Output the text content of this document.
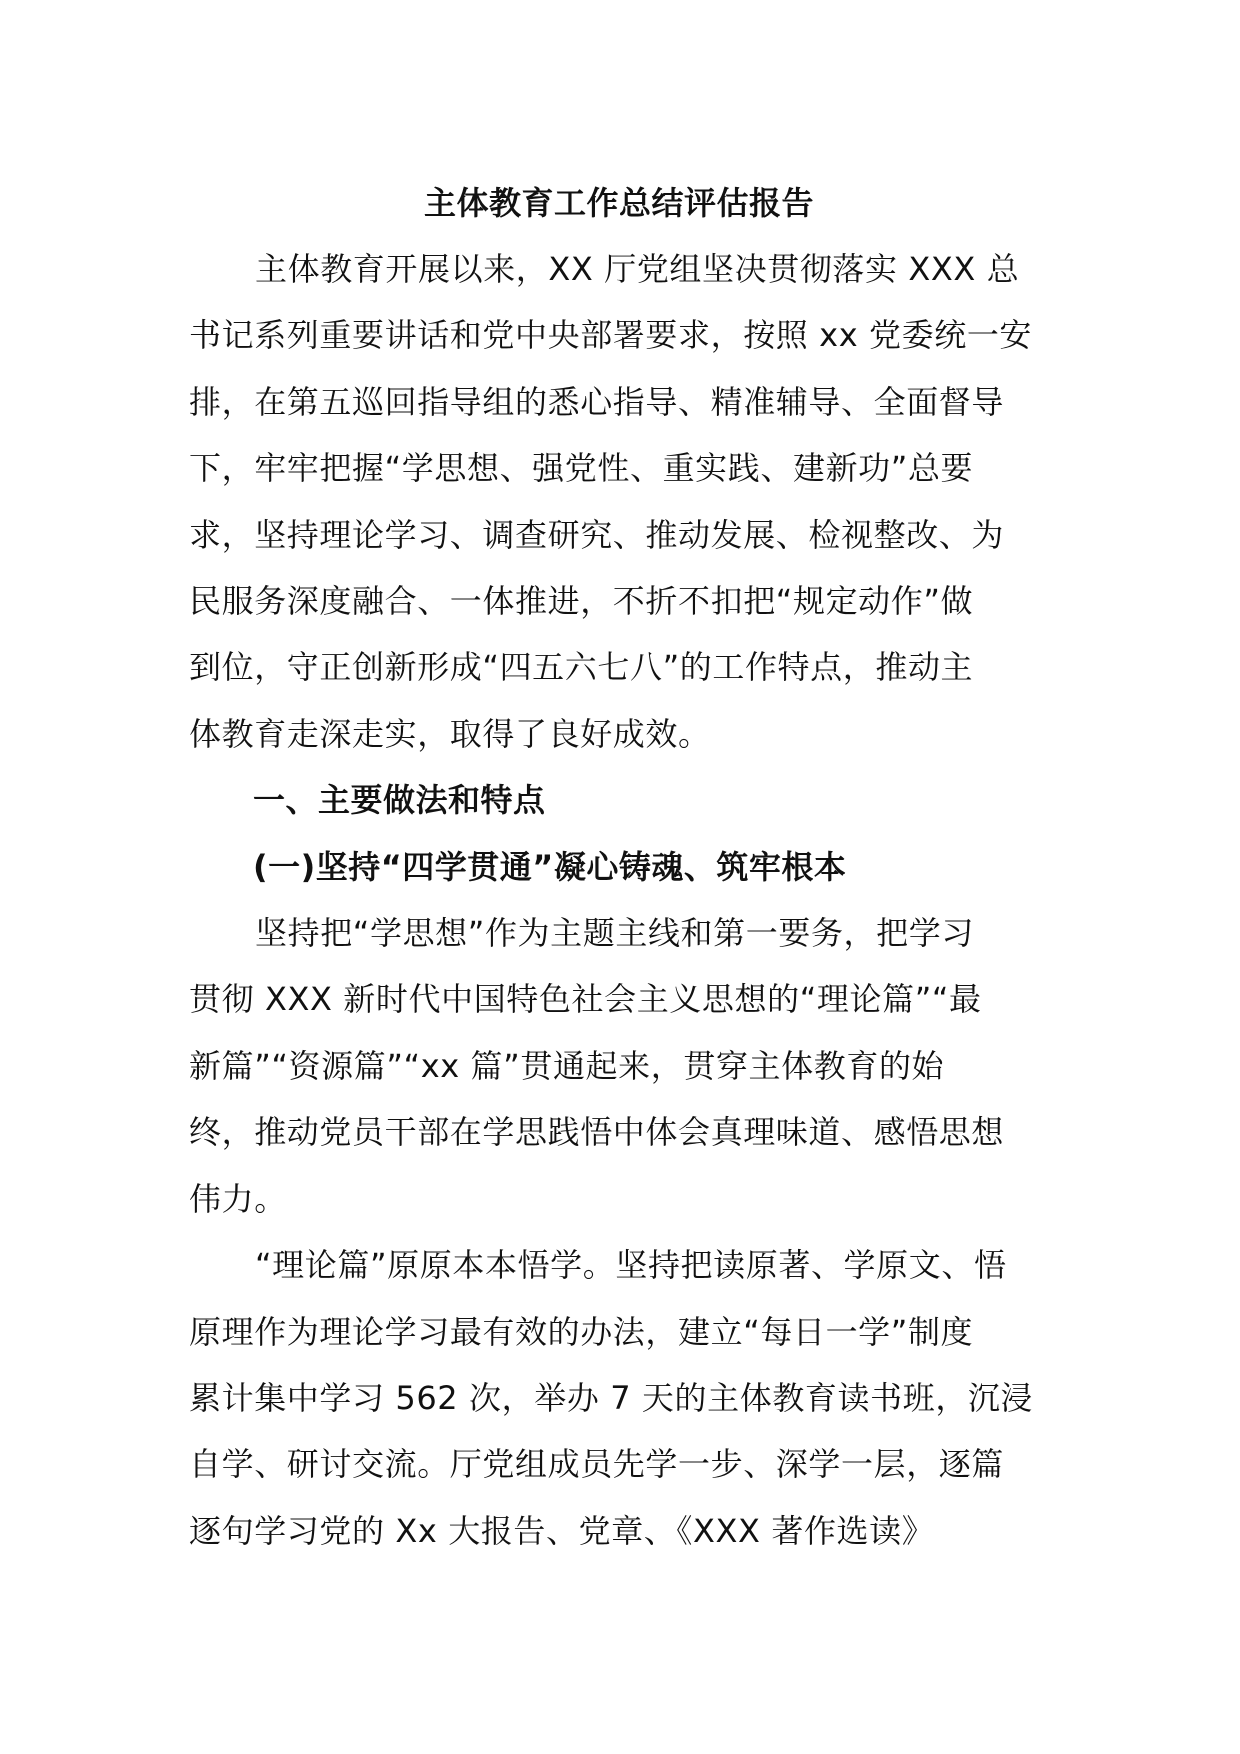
主体教育工作总结评估报告
主体教育开展以来，XX 厅党组坚决贯彻落实 XXX 总
书记系列重要讲话和党中央部署要求，按照 xx 党委统一安
排，在第五巡回指导组的悉心指导、精准辅导、全面督导
下，牢牢把握“学思想、强党性、重实践、建新功”总要
求，坚持理论学习、调查研究、推动发展、检视整改、为
民服务深度融合、一体推进，不折不扣把“规定动作”做
到位，守正创新形成“四五六七八”的工作特点，推动主
体教育走深走实，取得了良好成效。
一、主要做法和特点
(一)坚持“四学贯通”凝心铸魂、筑牢根本
坚持把“学思想”作为主题主线和第一要务，把学习
贯彻 XXX 新时代中国特色社会主义思想的“理论篇”“最
新篇”“资源篇”“xx 篇”贯通起来，贯穿主体教育的始
终，推动党员干部在学思践悟中体会真理味道、感悟思想
伟力。
“理论篇”原原本本悟学。坚持把读原著、学原文、悟
原理作为理论学习最有效的办法，建立“每日一学”制度
累计集中学习 562 次，举办 7 天的主体教育读书班，沉浸
自学、研讨交流。厅党组成员先学一步、深学一层，逐篇
逐句学习党的 Xx 大报告、党章、《XXX 著作选读》
